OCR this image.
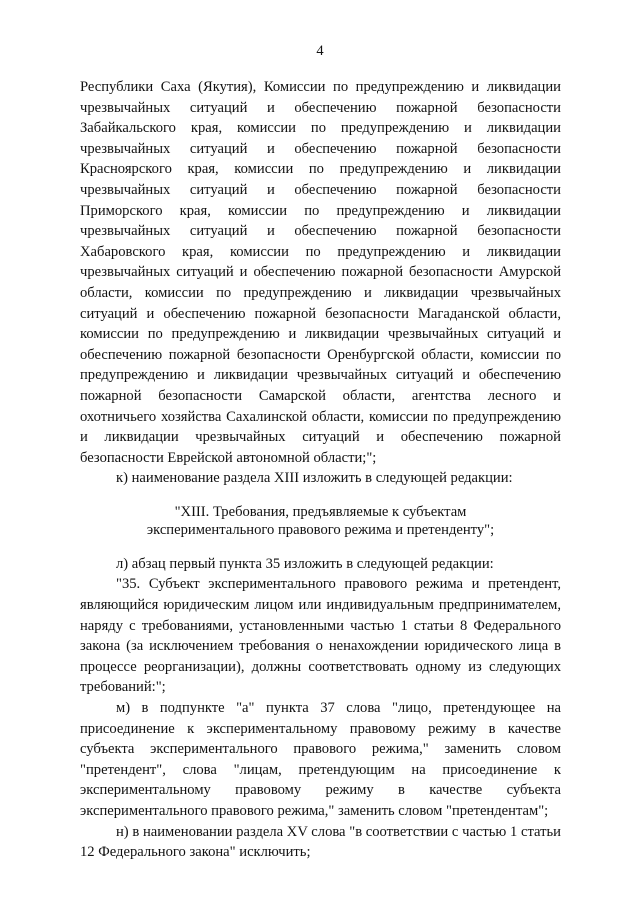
4

Республики Саха (Якутия), Комиссии по предупреждению и ликвидации чрезвычайных ситуаций и обеспечению пожарной безопасности Забайкальского края, комиссии по предупреждению и ликвидации чрезвычайных ситуаций и обеспечению пожарной безопасности Красноярского края, комиссии по предупреждению и ликвидации чрезвычайных ситуаций и обеспечению пожарной безопасности Приморского края, комиссии по предупреждению и ликвидации чрезвычайных ситуаций и обеспечению пожарной безопасности Хабаровского края, комиссии по предупреждению и ликвидации чрезвычайных ситуаций и обеспечению пожарной безопасности Амурской области, комиссии по предупреждению и ликвидации чрезвычайных ситуаций и обеспечению пожарной безопасности Магаданской области, комиссии по предупреждению и ликвидации чрезвычайных ситуаций и обеспечению пожарной безопасности Оренбургской области, комиссии по предупреждению и ликвидации чрезвычайных ситуаций и обеспечению пожарной безопасности Самарской области, агентства лесного и охотничьего хозяйства Сахалинской области, комиссии по предупреждению и ликвидации чрезвычайных ситуаций и обеспечению пожарной безопасности Еврейской автономной области;";

к) наименование раздела XIII изложить в следующей редакции:

"XIII. Требования, предъявляемые к субъектам
экспериментального правового режима и претенденту";

л) абзац первый пункта 35 изложить в следующей редакции:

"35. Субъект экспериментального правового режима и претендент, являющийся юридическим лицом или индивидуальным предпринимателем, наряду с требованиями, установленными частью 1 статьи 8 Федерального закона (за исключением требования о ненахождении юридического лица в процессе реорганизации), должны соответствовать одному из следующих требований:";

м) в подпункте "а" пункта 37 слова "лицо, претендующее на присоединение к экспериментальному правовому режиму в качестве субъекта экспериментального правового режима," заменить словом "претендент", слова "лицам, претендующим на присоединение к экспериментальному правовому режиму в качестве субъекта экспериментального правового режима," заменить словом "претендентам";

н) в наименовании раздела XV слова "в соответствии с частью 1 статьи 12 Федерального закона" исключить;
